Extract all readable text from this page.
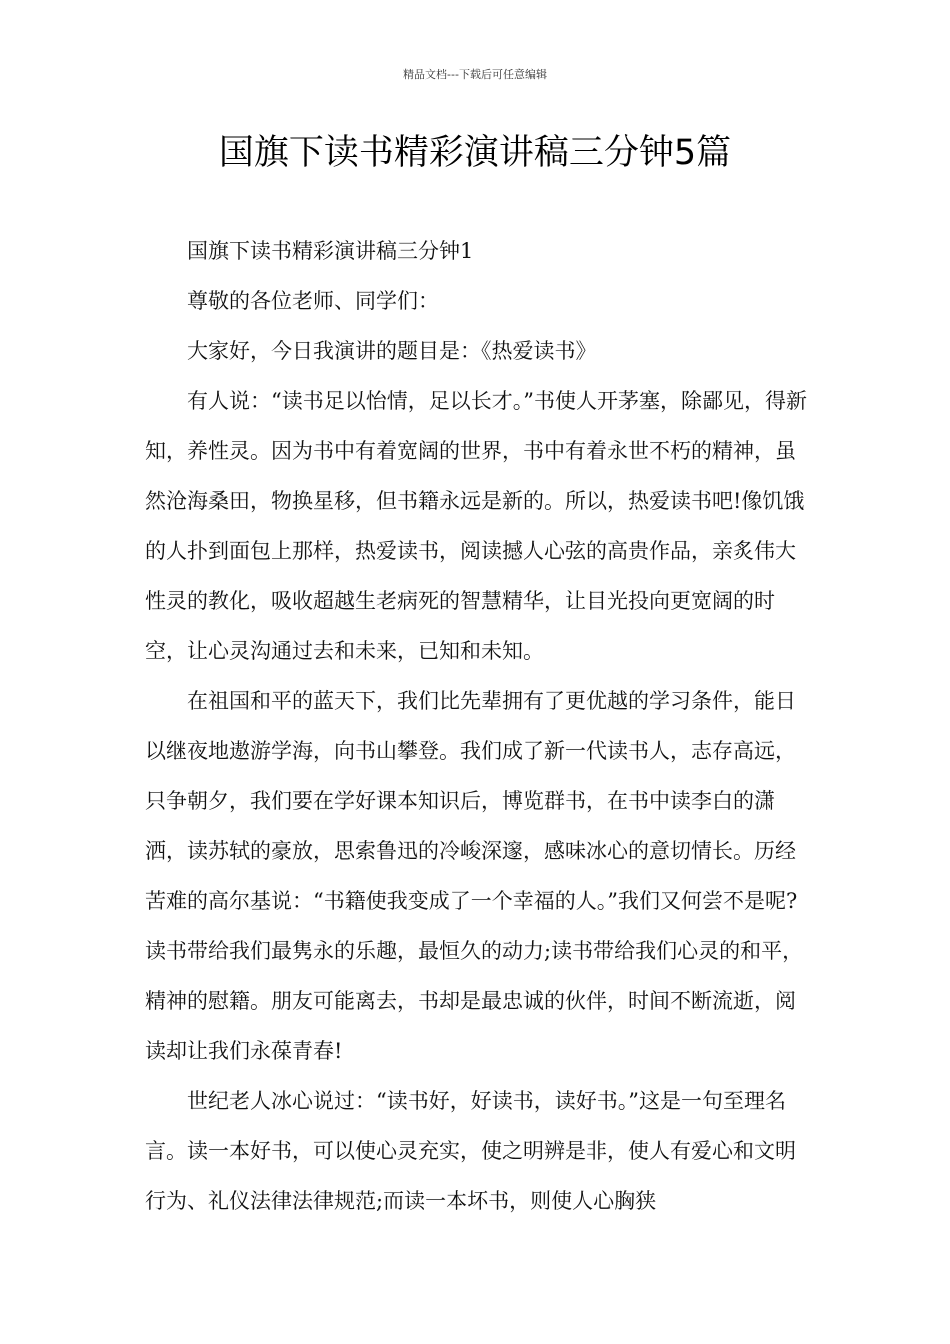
精品文档---下载后可任意编辑
国旗下读书精彩演讲稿三分钟5篇

国旗下读书精彩演讲稿三分钟1

尊敬的各位老师、同学们：

大家好，今日我演讲的题目是：《热爱读书》

有人说：“读书足以怡情，足以长才。”书使人开茅塞，除鄙见，得新知，养性灵。因为书中有着宽阔的世界，书中有着永世不朽的精神，虽然沧海桑田，物换星移，但书籍永远是新的。所以，热爱读书吧!像饥饿的人扑到面包上那样，热爱读书，阅读撼人心弦的高贵作品，亲炙伟大性灵的教化，吸收超越生老病死的智慧精华，让目光投向更宽阔的时空，让心灵沟通过去和未来，已知和未知。

在祖国和平的蓝天下，我们比先辈拥有了更优越的学习条件，能日以继夜地遨游学海，向书山攀登。我们成了新一代读书人，志存高远，只争朝夕，我们要在学好课本知识后，博览群书，在书中读李白的潇洒，读苏轼的豪放，思索鲁迅的冷峻深邃，感味冰心的意切情长。历经苦难的高尔基说：“书籍使我变成了一个幸福的人。”我们又何尝不是呢?读书带给我们最隽永的乐趣，最恒久的动力;读书带给我们心灵的和平，精神的慰籍。朋友可能离去，书却是最忠诚的伙伴，时间不断流逝，阅读却让我们永葆青春!

世纪老人冰心说过：“读书好，好读书，读好书。”这是一句至理名言。读一本好书，可以使心灵充实，使之明辨是非，使人有爱心和文明行为、礼仪法律法律规范;而读一本坏书，则使人心胸狭
